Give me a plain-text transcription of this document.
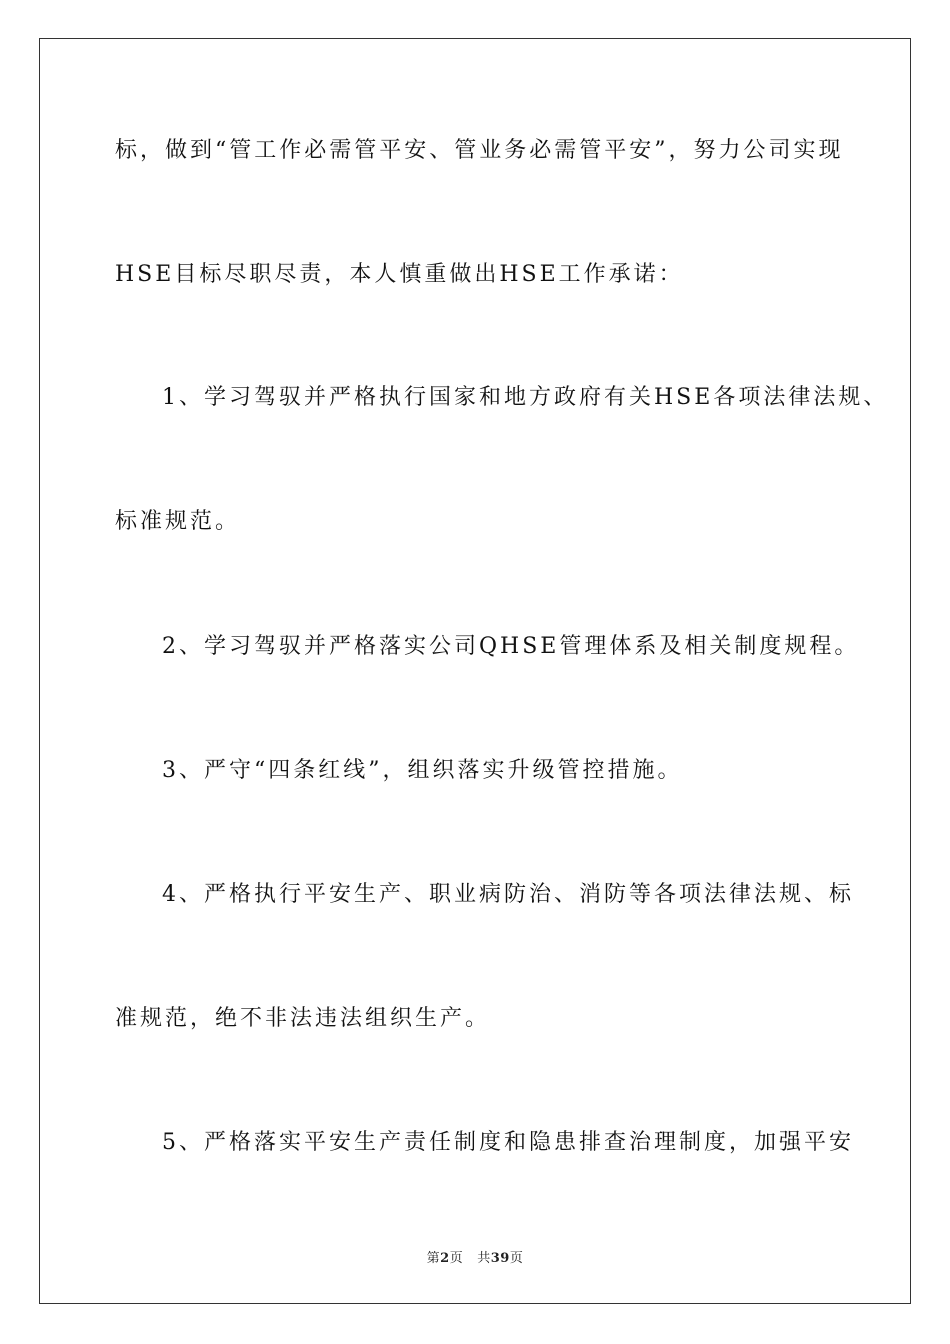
标，做到“管工作必需管平安、管业务必需管平安”，努力公司实现
HSE目标尽职尽责，本人慎重做出HSE工作承诺：
1、学习驾驭并严格执行国家和地方政府有关HSE各项法律法规、
标准规范。
2、学习驾驭并严格落实公司QHSE管理体系及相关制度规程。
3、严守“四条红线”，组织落实升级管控措施。
4、严格执行平安生产、职业病防治、消防等各项法律法规、标
准规范，绝不非法违法组织生产。
5、严格落实平安生产责任制度和隐患排查治理制度，加强平安
第2页 共39页
